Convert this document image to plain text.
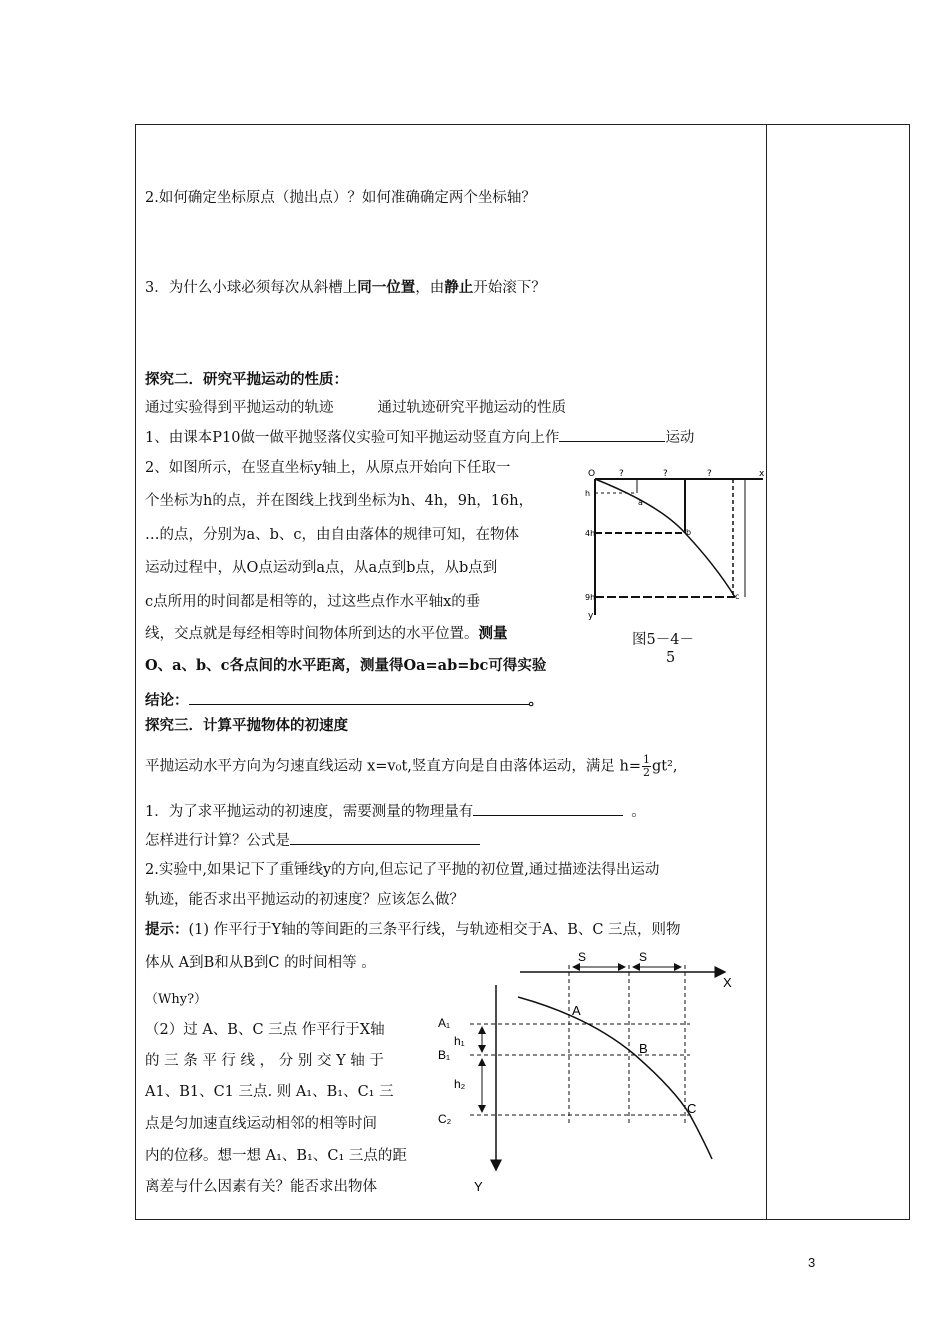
2.如何确定坐标原点（抛出点）？如何准确确定两个坐标轴？
3．为什么小球必须每次从斜槽上同一位置，由静止开始滚下？
探究二．研究平抛运动的性质：
通过实验得到平抛运动的轨迹	通过轨迹研究平抛运动的性质
1、由课本P10做一做平抛竖落仪实验可知平抛运动竖直方向上作	运动
2、如图所示，在竖直坐标y轴上，从原点开始向下任取一
个坐标为h的点，并在图线上找到坐标为h、4h，9h，16h，
…的点，分别为a、b、c，由自由落体的规律可知，在物体
运动过程中，从O点运动到a点，从a点到b点，从b点到
c点所用的时间都是相等的，过这些点作水平轴x的垂
线，交点就是每经相等时间物体所到达的水平位置。测量
O、a、b、c各点间的水平距离，测量得Oa=ab=bc可得实验
结论：	。
O	x
y
?	?	?
h
4h
9h
a
b
c
图5－4－
5
探究三．计算平抛物体的初速度
平抛运动水平方向为匀速直线运动 x=v₀t,竖直方向是自由落体运动，满足 $h= \frac{1}{2} gt^2$,
1．为了求平抛运动的初速度，需要测量的物理量有	。
怎样进行计算？公式是
2.实验中,如果记下了重锤线y的方向,但忘记了平抛的初位置,通过描迹法得出运动
轨迹，能否求出平抛运动的初速度？应该怎么做？
提示：(1) 作平行于Y轴的等间距的三条平行线，与轨迹相交于A、B、C 三点，则物
体从 A到B和从B到C 的时间相等 。
（Why?）
（2）过 A、B、C 三点 作平行于X轴
的 三 条 平 行 线 ， 分 别 交 Y 轴 于
A1、B1、C1 三点. 则 A₁、B₁、C₁ 三
点是匀加速直线运动相邻的相等时间
内的位移。想一想 A₁、B₁、C₁ 三点的距
离差与什么因素有关？能否求出物体
S	S
X
Y
A₁
B₁
C₂
h₁
h₂
A
B
C
3
